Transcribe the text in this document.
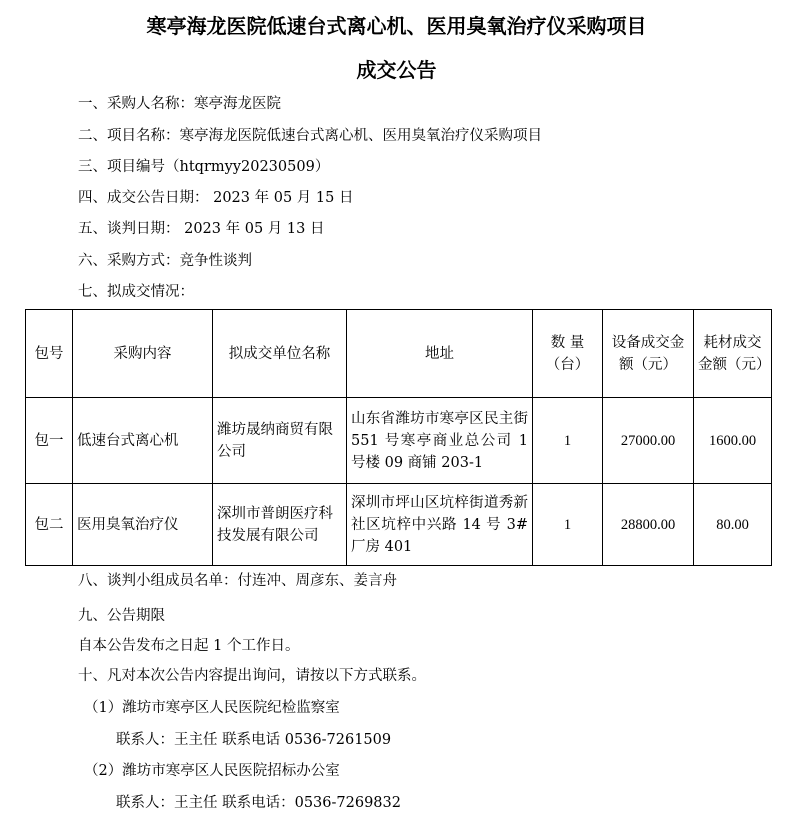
寒亭海龙医院低速台式离心机、医用臭氧治疗仪采购项目
成交公告
一、采购人名称：寒亭海龙医院
二、项目名称：寒亭海龙医院低速台式离心机、医用臭氧治疗仪采购项目
三、项目编号（htqrmyy20230509）
四、成交公告日期： 2023 年 05 月 15 日
五、谈判日期： 2023 年 05 月 13 日
六、采购方式：竞争性谈判
七、拟成交情况：
包号	采购内容	拟成交单位名称	地址	数 量（台）	设备成交金额（元）	耗材成交金额（元）
包一	低速台式离心机	潍坊晟纳商贸有限公司	山东省潍坊市寒亭区民主街 551 号寒亭商业总公司 1 号楼 09 商铺 203-1	1	27000.00	1600.00
包二	医用臭氧治疗仪	深圳市普朗医疗科技发展有限公司	深圳市坪山区坑梓街道秀新社区坑梓中兴路 14 号 3#厂房 401	1	28800.00	80.00
八、谈判小组成员名单：付连冲、周彦东、姜言舟
九、公告期限
自本公告发布之日起 1 个工作日。
十、凡对本次公告内容提出询问，请按以下方式联系。
（1）潍坊市寒亭区人民医院纪检监察室
联系人：王主任 联系电话 0536-7261509
（2）潍坊市寒亭区人民医院招标办公室
联系人：王主任 联系电话：0536-7269832
